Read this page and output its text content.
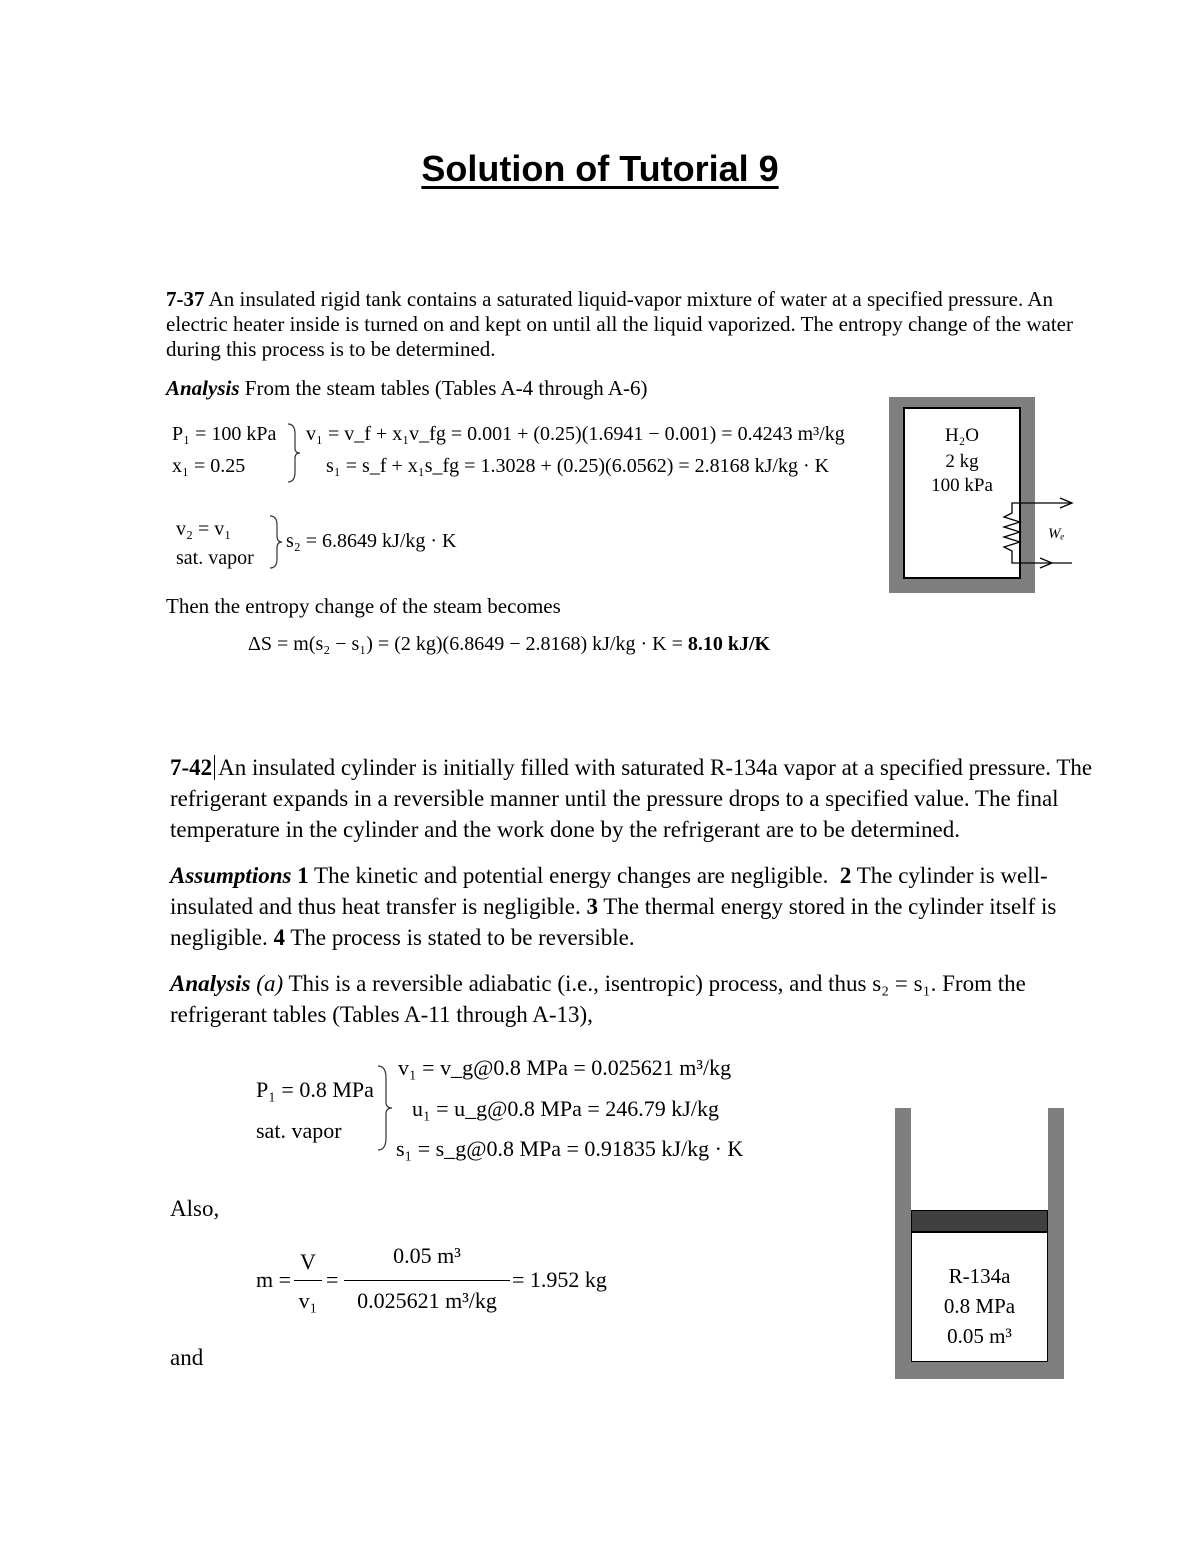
Solution of Tutorial 9
7-37 An insulated rigid tank contains a saturated liquid-vapor mixture of water at a specified pressure. An electric heater inside is turned on and kept on until all the liquid vaporized. The entropy change of the water during this process is to be determined.
Analysis From the steam tables (Tables A-4 through A-6)
P₁ = 100 kPa
x₁ = 0.25
v₁ = v_f + x₁v_fg = 0.001 + (0.25)(1.6941 − 0.001) = 0.4243 m³/kg
s₁ = s_f + x₁s_fg = 1.3028 + (0.25)(6.0562) = 2.8168 kJ/kg · K
v₂ = v₁
sat. vapor
s₂ = 6.8649 kJ/kg · K
Then the entropy change of the steam becomes
ΔS = m(s₂ − s₁) = (2 kg)(6.8649 − 2.8168) kJ/kg · K = 8.10 kJ/K
H₂O
2 kg
100 kPa
Wₑ
7-42 An insulated cylinder is initially filled with saturated R-134a vapor at a specified pressure. The refrigerant expands in a reversible manner until the pressure drops to a specified value. The final temperature in the cylinder and the work done by the refrigerant are to be determined.
Assumptions 1 The kinetic and potential energy changes are negligible. 2 The cylinder is well-insulated and thus heat transfer is negligible. 3 The thermal energy stored in the cylinder itself is negligible. 4 The process is stated to be reversible.
Analysis (a) This is a reversible adiabatic (i.e., isentropic) process, and thus s₂ = s₁. From the refrigerant tables (Tables A-11 through A-13),
P₁ = 0.8 MPa
sat. vapor
v₁ = v_g@0.8 MPa = 0.025621 m³/kg
u₁ = u_g@0.8 MPa = 246.79 kJ/kg
s₁ = s_g@0.8 MPa = 0.91835 kJ/kg · K
Also,
m =
V
v₁
=
0.05 m³
0.025621 m³/kg
= 1.952 kg
and
R-134a
0.8 MPa
0.05 m³
